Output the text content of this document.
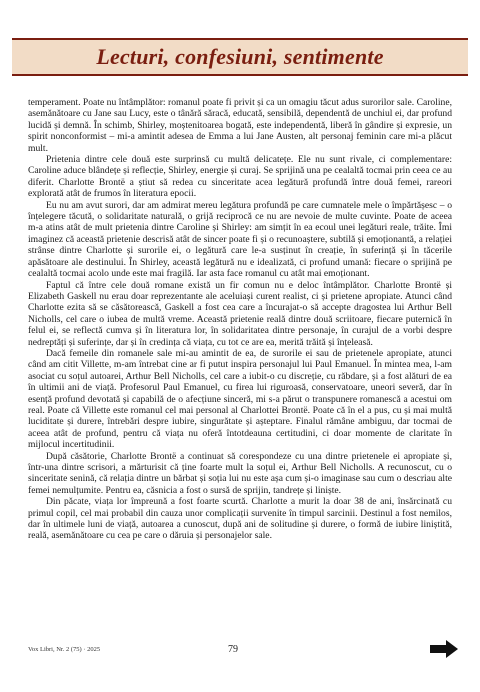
Lecturi, confesiuni, sentimente

temperament. Poate nu întâmplător: romanul poate fi privit și ca un omagiu tăcut adus surorilor sale. Caroline, asemănătoare cu Jane sau Lucy, este o tânără săracă, educată, sensibilă, dependentă de unchiul ei, dar profund lucidă și demnă. În schimb, Shirley, moștenitoarea bogată, este independentă, liberă în gândire și expresie, un spirit nonconformist – mi-a amintit adesea de Emma a lui Jane Austen, alt personaj feminin care mi-a plăcut mult.

Prietenia dintre cele două este surprinsă cu multă delicatețe. Ele nu sunt rivale, ci complementare: Caroline aduce blândețe și reflecție, Shirley, energie și curaj. Se sprijină una pe cealaltă tocmai prin ceea ce au diferit. Charlotte Brontë a știut să redea cu sinceritate acea legătură profundă între două femei, rareori explorată atât de frumos în literatura epocii.

Eu nu am avut surori, dar am admirat mereu legătura profundă pe care cumnatele mele o împărtășesc – o înțelegere tăcută, o solidaritate naturală, o grijă reciprocă ce nu are nevoie de multe cuvinte. Poate de aceea m-a atins atât de mult prietenia dintre Caroline și Shirley: am simțit în ea ecoul unei legături reale, trăite. Îmi imaginez că această prietenie descrisă atât de sincer poate fi și o recunoaștere, subtilă și emoționantă, a relației strânse dintre Charlotte și surorile ei, o legătură care le-a susținut în creație, în suferință și în tăcerile apăsătoare ale destinului. În Shirley, această legătură nu e idealizată, ci profund umană: fiecare o sprijină pe cealaltă tocmai acolo unde este mai fragilă. Iar asta face romanul cu atât mai emoționant.

Faptul că între cele două romane există un fir comun nu e deloc întâmplător. Charlotte Brontë și Elizabeth Gaskell nu erau doar reprezentante ale aceluiași curent realist, ci și prietene apropiate. Atunci când Charlotte ezita să se căsătorească, Gaskell a fost cea care a încurajat-o să accepte dragostea lui Arthur Bell Nicholls, cel care o iubea de multă vreme. Această prietenie reală dintre două scriitoare, fiecare puternică în felul ei, se reflectă cumva și în literatura lor, în solidaritatea dintre personaje, în curajul de a vorbi despre nedreptăți și suferințe, dar și în credința că viața, cu tot ce are ea, merită trăită și înțeleasă.

Dacă femeile din romanele sale mi-au amintit de ea, de surorile ei sau de prietenele apropiate, atunci când am citit Villette, m-am întrebat cine ar fi putut inspira personajul lui Paul Emanuel. În mintea mea, l-am asociat cu soțul autoarei, Arthur Bell Nicholls, cel care a iubit-o cu discreție, cu răbdare, și a fost alături de ea în ultimii ani de viață. Profesorul Paul Emanuel, cu firea lui riguroasă, conservatoare, uneori severă, dar în esență profund devotată și capabilă de o afecțiune sinceră, mi s-a părut o transpunere romanescă a acestui om real. Poate că Villette este romanul cel mai personal al Charlottei Brontë. Poate că în el a pus, cu și mai multă luciditate și durere, întrebări despre iubire, singurătate și așteptare. Finalul rămâne ambiguu, dar tocmai de aceea atât de profund, pentru că viața nu oferă întotdeauna certitudini, ci doar momente de claritate în mijlocul incertitudinii.

După căsătorie, Charlotte Brontë a continuat să corespondeze cu una dintre prietenele ei apropiate și, într-una dintre scrisori, a mărturisit că ține foarte mult la soțul ei, Arthur Bell Nicholls. A recunoscut, cu o sinceritate senină, că relația dintre un bărbat și soția lui nu este așa cum și-o imaginase sau cum o descriau alte femei nemulțumite. Pentru ea, căsnicia a fost o sursă de sprijin, tandrețe și liniște.

Din păcate, viața lor împreună a fost foarte scurtă. Charlotte a murit la doar 38 de ani, însărcinată cu primul copil, cel mai probabil din cauza unor complicații survenite în timpul sarcinii. Destinul a fost nemilos, dar în ultimele luni de viață, autoarea a cunoscut, după ani de solitudine și durere, o formă de iubire liniștită, reală, asemănătoare cu cea pe care o dăruia și personajelor sale.

Vox Libri, Nr. 2 (75) · 2025	79
